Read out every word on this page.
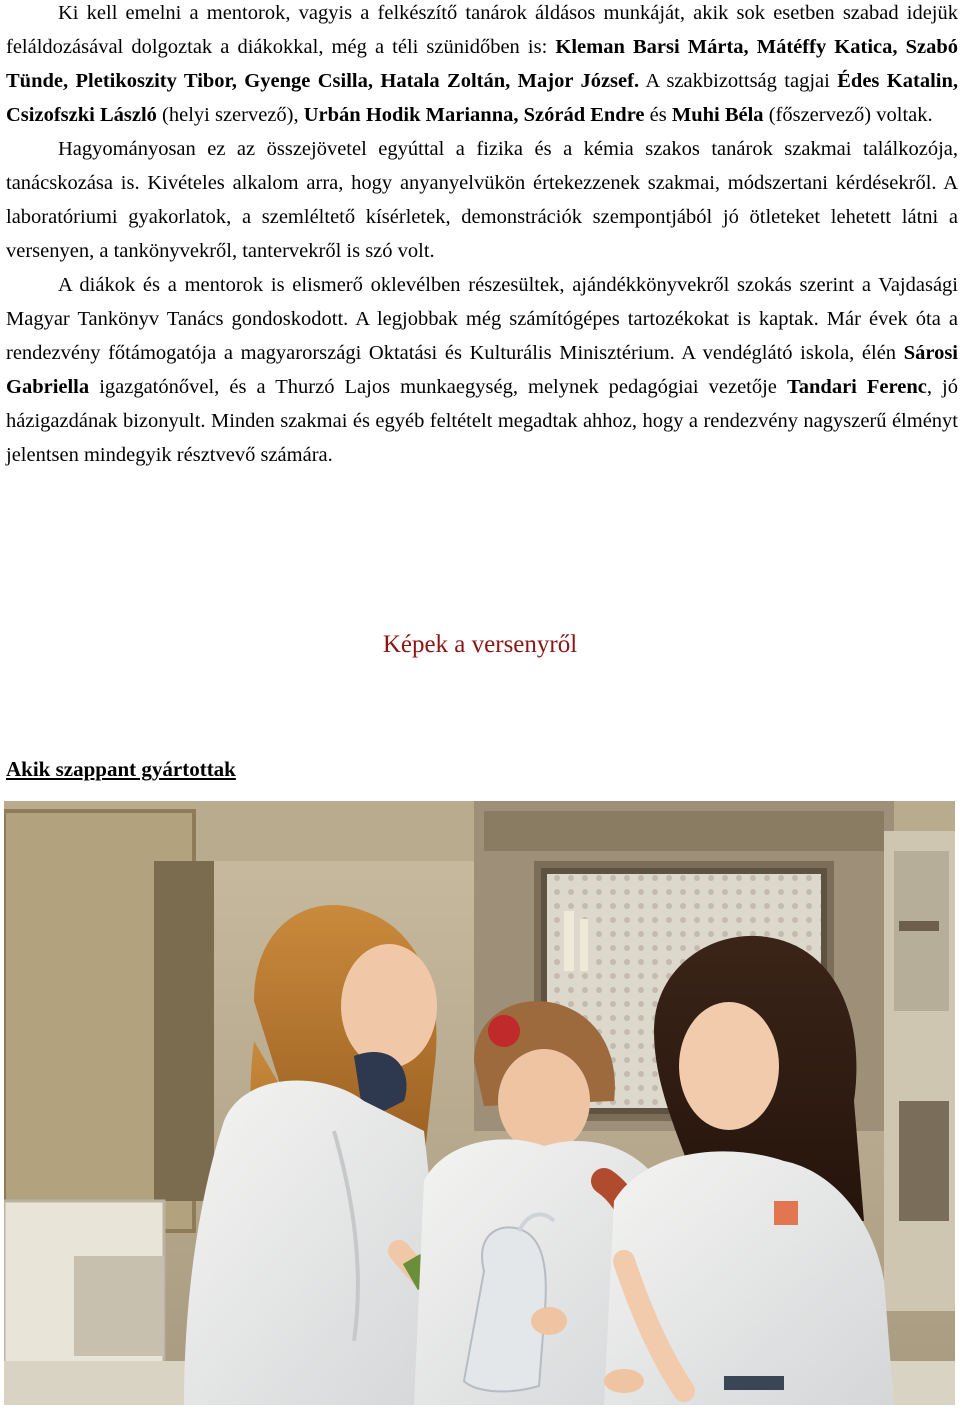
Ki kell emelni a mentorok, vagyis a felkészítő tanárok áldásos munkáját, akik sok esetben szabad idejük feláldozásával dolgoztak a diákokkal, még a téli szünidőben is: Kleman Barsi Márta, Mátéffy Katica, Szabó Tünde, Pletikoszity Tibor, Gyenge Csilla, Hatala Zoltán, Major József. A szakbizottság tagjai Édes Katalin, Csizofszki László (helyi szervező), Urbán Hodik Marianna, Szórád Endre és Muhi Béla (főszervező) voltak.

Hagyományosan ez az összejövetel egyúttal a fizika és a kémia szakos tanárok szakmai találkozója, tanácskozása is. Kivételes alkalom arra, hogy anyanyelvükön értekezzenek szakmai, módszertani kérdésekről. A laboratóriumi gyakorlatok, a szemléltető kísérletek, demonstrációk szempontjából jó ötleteket lehetett látni a versenyen, a tankönyvekről, tantervekről is szó volt.

A diákok és a mentorok is elismerő oklevélben részesültek, ajándékkönyvekről szokás szerint a Vajdasági Magyar Tankönyv Tanács gondoskodott. A legjobbak még számítógépes tartozékokat is kaptak. Már évek óta a rendezvény főtámogatója a magyarországi Oktatási és Kulturális Minisztérium. A vendéglátó iskola, élén Sárosi Gabriella igazgatónővel, és a Thurzó Lajos munkaegység, melynek pedagógiai vezetője Tandari Ferenc, jó házigazdának bizonyult. Minden szakmai és egyéb feltételt megadtak ahhoz, hogy a rendezvény nagyszerű élményt jelentsen mindegyik résztvevő számára.

Képek a versenyről
Akik szappant gyártottak
